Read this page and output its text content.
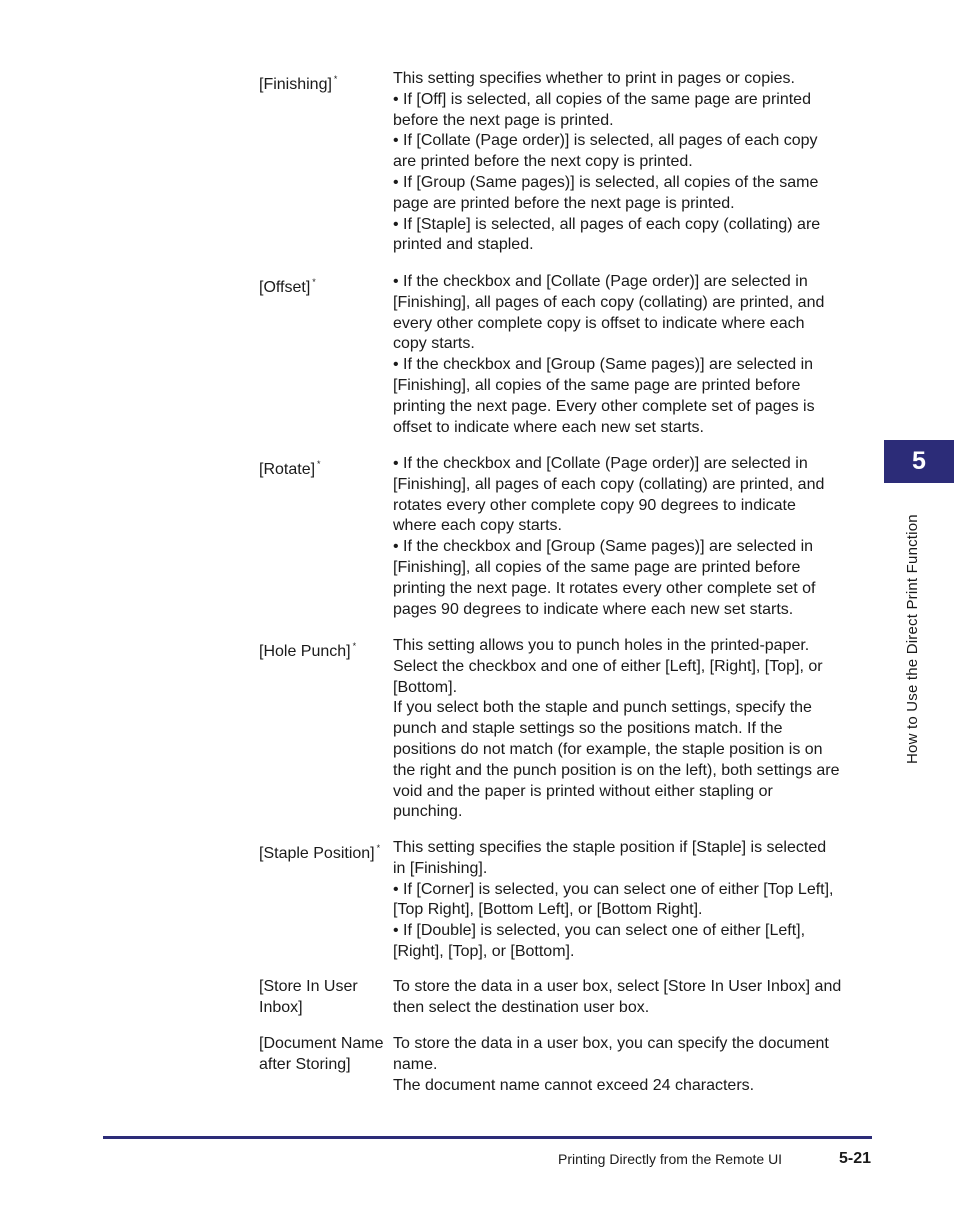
[Finishing] *	This setting specifies whether to print in pages or copies.
• If [Off] is selected, all copies of the same page are printed
before the next page is printed.
• If [Collate (Page order)] is selected, all pages of each copy
are printed before the next copy is printed.
• If [Group (Same pages)] is selected, all copies of the same
page are printed before the next page is printed.
• If [Staple] is selected, all pages of each copy (collating) are
printed and stapled.
[Offset] *	• If the checkbox and [Collate (Page order)] are selected in
[Finishing], all pages of each copy (collating) are printed, and
every other complete copy is offset to indicate where each
copy starts.
• If the checkbox and [Group (Same pages)] are selected in
[Finishing], all copies of the same page are printed before
printing the next page. Every other complete set of pages is
offset to indicate where each new set starts.
[Rotate] *	• If the checkbox and [Collate (Page order)] are selected in
[Finishing], all pages of each copy (collating) are printed, and
rotates every other complete copy 90 degrees to indicate
where each copy starts.
• If the checkbox and [Group (Same pages)] are selected in
[Finishing], all copies of the same page are printed before
printing the next page. It rotates every other complete set of
pages 90 degrees to indicate where each new set starts.
[Hole Punch] *	This setting allows you to punch holes in the printed-paper.
Select the checkbox and one of either [Left], [Right], [Top], or
[Bottom].
If you select both the staple and punch settings, specify the
punch and staple settings so the positions match. If the
positions do not match (for example, the staple position is on
the right and the punch position is on the left), both settings are
void and the paper is printed without either stapling or
punching.
[Staple Position] * This setting specifies the staple position if [Staple] is selected
in [Finishing].
• If [Corner] is selected, you can select one of either [Top Left],
[Top Right], [Bottom Left], or [Bottom Right].
• If [Double] is selected, you can select one of either [Left],
[Right], [Top], or [Bottom].
[Store In User
Inbox]
To store the data in a user box, select [Store In User Inbox] and
then select the destination user box.
[Document Name
after Storing]
To store the data in a user box, you can specify the document
name.
The document name cannot exceed 24 characters.
5
How to Use the Direct Print Function
Printing Directly from the Remote UI	5-21
